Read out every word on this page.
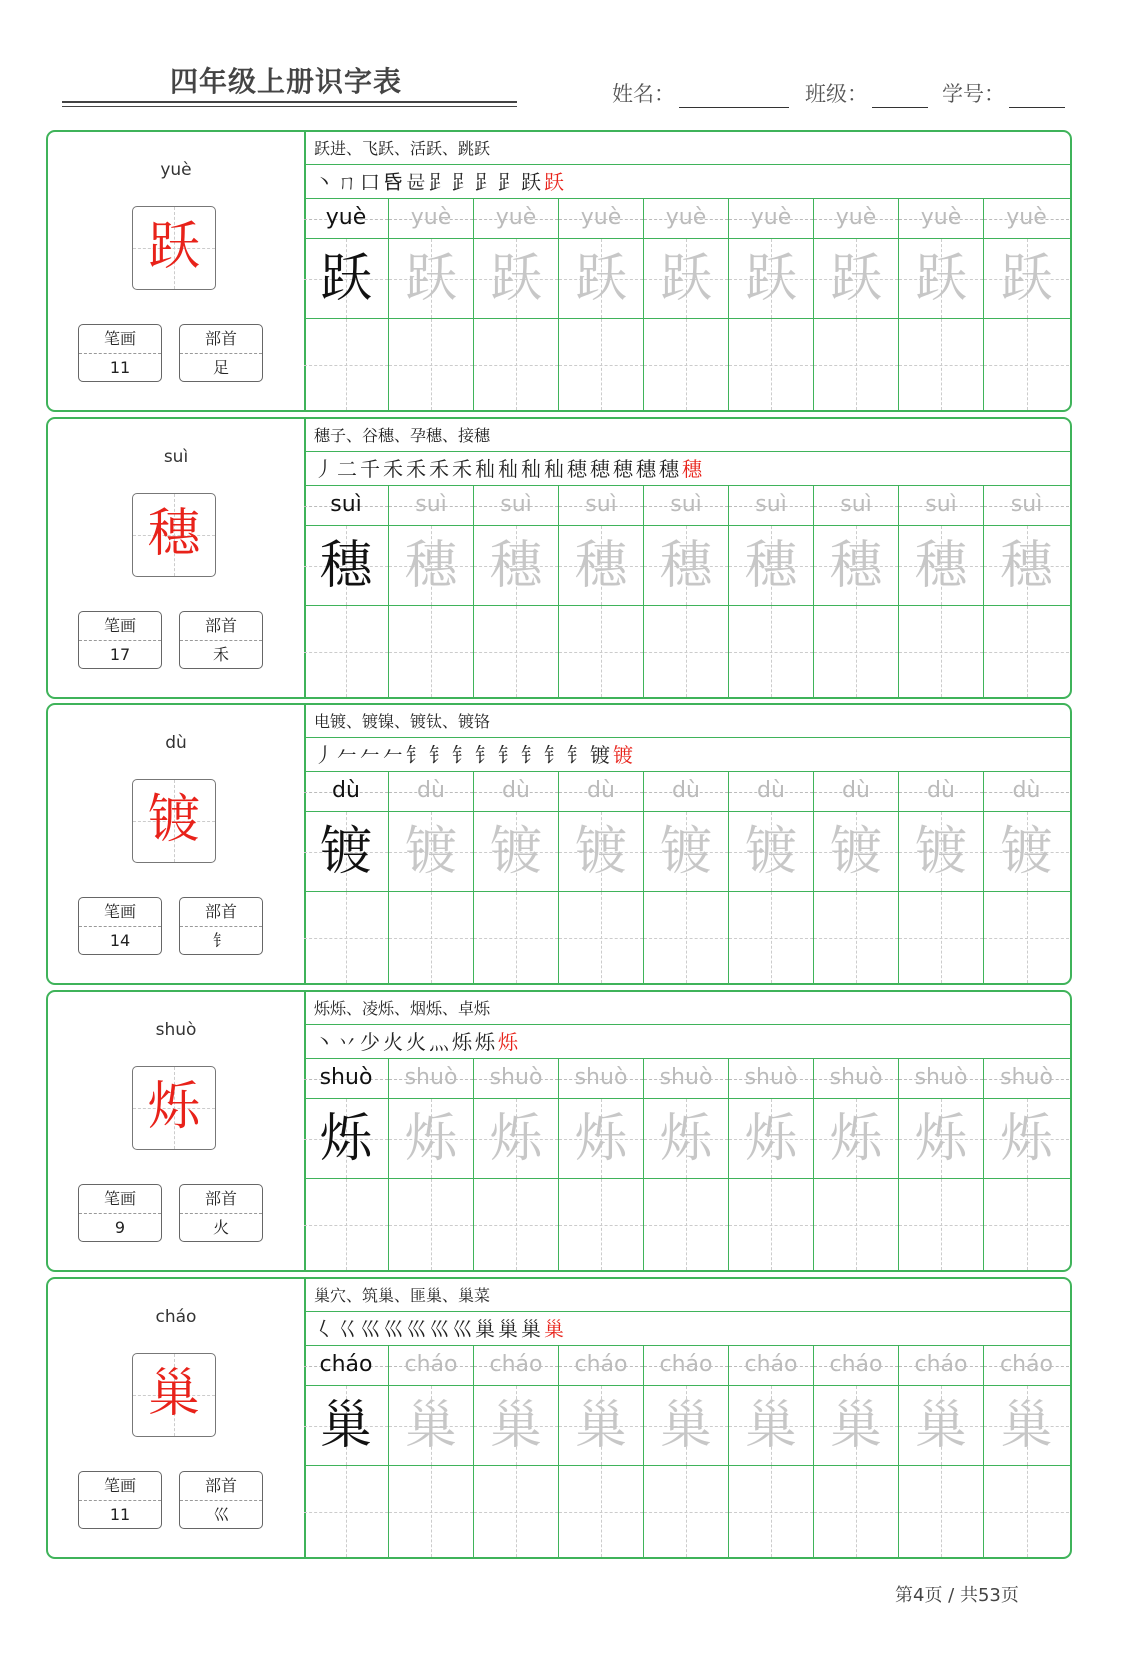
四年级上册识字表	姓名：	班级：	学号：
yuè
跃
笔画
11
部首
足
跃进、飞跃、活跃、跳跃
丶ㄇ口𠯑𠯕𧾷𧾷𧾷𧾷跃跃
yuè	yuè	yuè	yuè	yuè	yuè	yuè	yuè	yuè
跃 跃 跃 跃 跃 跃 跃 跃 跃
suì
穗
笔画
17
部首
禾
穗子、谷穗、孕穗、接穗
丿二千禾禾禾禾秈秈秈秈穂穂穂穗穗穗
suì	suì	suì	suì	suì	suì	suì	suì	suì
穗 穗 穗 穗 穗 穗 穗 穗 穗
dù
镀
笔画
14
部首
钅
电镀、镀镍、镀钛、镀铬
丿𠂉𠂉𠂉钅钅钅钅钅钅钅钅镀镀
dù	dù	dù	dù	dù	dù	dù	dù	dù
镀 镀 镀 镀 镀 镀 镀 镀 镀
shuò
烁
笔画
9
部首
火
烁烁、凌烁、烟烁、卓烁
丶丷少火火灬烁烁烁
shuò	shuò	shuò	shuò	shuò	shuò	shuò	shuò	shuò
烁 烁 烁 烁 烁 烁 烁 烁 烁
cháo
巢
笔画
11
部首
巛
巢穴、筑巢、匪巢、巢菜
𡿨巜巛巛巛巛巛巢巢巢巢
cháo	cháo	cháo	cháo	cháo	cháo	cháo	cháo	cháo
巢 巢 巢 巢 巢 巢 巢 巢 巢
第4页 / 共53页
